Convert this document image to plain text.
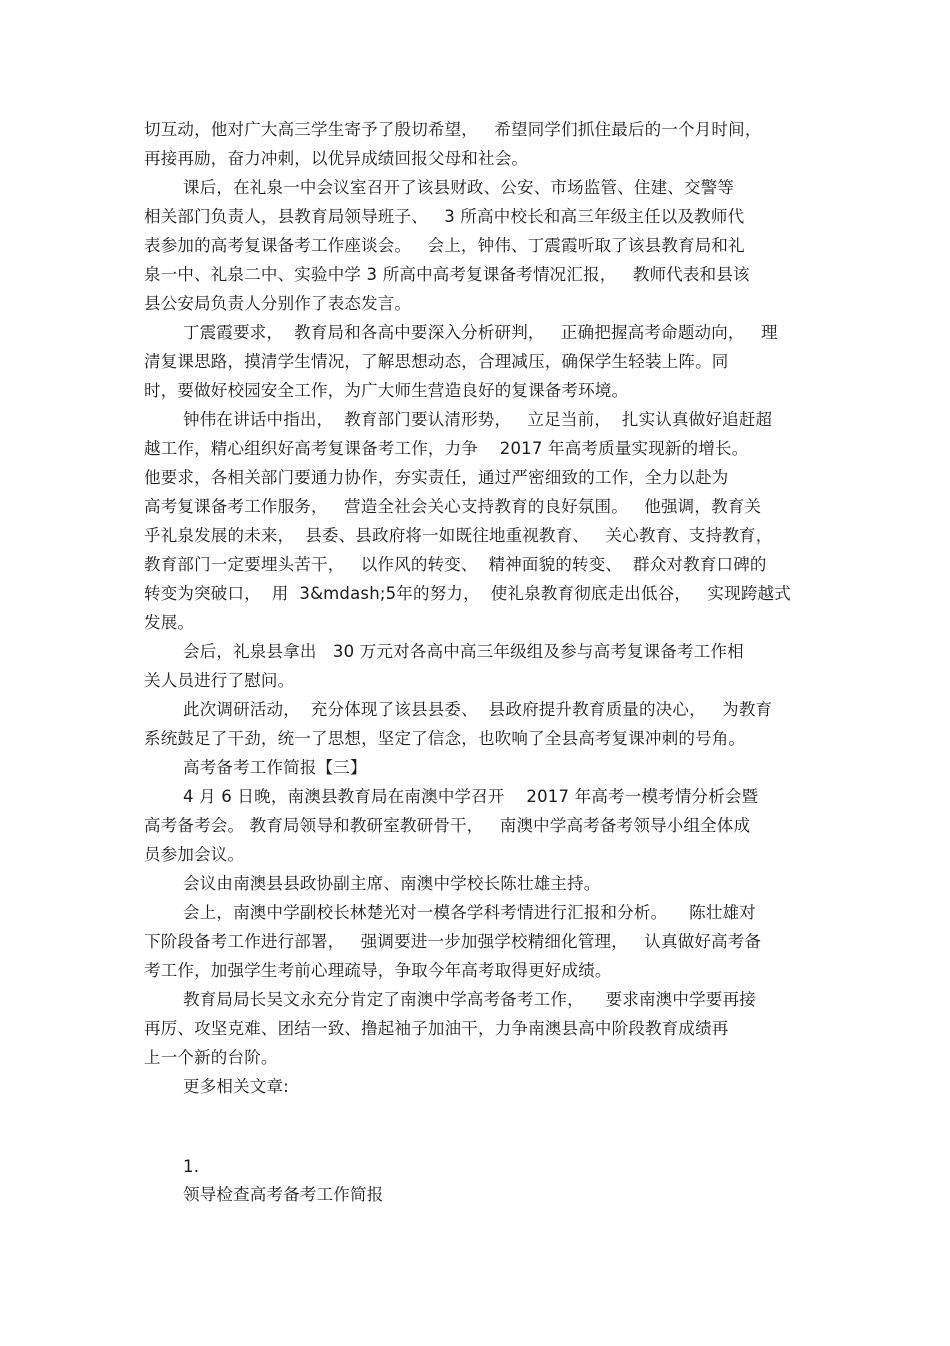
切互动，他对广大高三学生寄予了殷切希望，   希望同学们抓住最后的一个月时间，
再接再励，奋力冲刺，以优异成绩回报父母和社会。
课后，在礼泉一中会议室召开了该县财政、公安、市场监管、住建、交警等
相关部门负责人，县教育局领导班子、   3 所高中校长和高三年级主任以及教师代
表参加的高考复课备考工作座谈会。   会上，钟伟、丁震霞听取了该县教育局和礼
泉一中、礼泉二中、实验中学 3 所高中高考复课备考情况汇报，   教师代表和县该
县公安局负责人分别作了表态发言。
丁震霞要求，  教育局和各高中要深入分析研判，   正确把握高考命题动向，   理
清复课思路，摸清学生情况，了解思想动态，合理减压，确保学生轻装上阵。同
时，要做好校园安全工作，为广大师生营造良好的复课备考环境。
钟伟在讲话中指出，  教育部门要认清形势，   立足当前，  扎实认真做好追赶超
越工作，精心组织好高考复课备考工作，力争    2017 年高考质量实现新的增长。
他要求，各相关部门要通力协作，夯实责任，通过严密细致的工作，全力以赴为
高考复课备考工作服务，   营造全社会关心支持教育的良好氛围。   他强调，教育关
乎礼泉发展的未来，  县委、县政府将一如既往地重视教育、   关心教育、支持教育，
教育部门一定要埋头苦干，   以作风的转变、  精神面貌的转变、  群众对教育口碑的
转变为突破口，  用  3&mdash;5年的努力，  使礼泉教育彻底走出低谷，   实现跨越式
发展。
会后，礼泉县拿出   30 万元对各高中高三年级组及参与高考复课备考工作相
关人员进行了慰问。
此次调研活动，  充分体现了该县县委、  县政府提升教育质量的决心，   为教育
系统鼓足了干劲，统一了思想，坚定了信念，也吹响了全县高考复课冲刺的号角。
高考备考工作简报【三】
4 月 6 日晚，南澳县教育局在南澳中学召开    2017 年高考一模考情分析会暨
高考备考会。 教育局领导和教研室教研骨干，   南澳中学高考备考领导小组全体成
员参加会议。
会议由南澳县县政协副主席、南澳中学校长陈壮雄主持。
会上，南澳中学副校长林楚光对一模各学科考情进行汇报和分析。    陈壮雄对
下阶段备考工作进行部署，   强调要进一步加强学校精细化管理，   认真做好高考备
考工作，加强学生考前心理疏导，争取今年高考取得更好成绩。
教育局局长吴文永充分肯定了南澳中学高考备考工作，    要求南澳中学要再接
再厉、攻坚克难、团结一致、撸起袖子加油干，力争南澳县高中阶段教育成绩再
上一个新的台阶。
更多相关文章:
1.
领导检查高考备考工作简报
